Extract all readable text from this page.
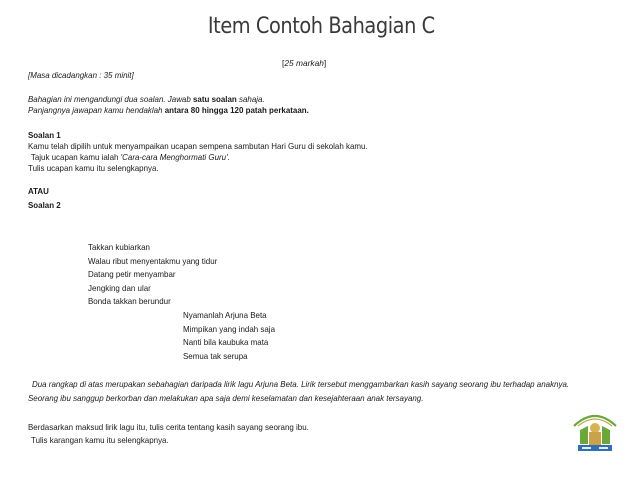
Item Contoh Bahagian C
[25 markah]

[Masa dicadangkan : 35 minit]

Bahagian ini mengandungi dua soalan. Jawab satu soalan sahaja.

Panjangnya jawapan kamu hendaklah antara 80 hingga 120 patah perkataan.

Soalan 1

Kamu telah dipilih untuk menyampaikan ucapan sempena sambutan Hari Guru di sekolah kamu.

Tajuk ucapan kamu ialah 'Cara-cara Menghormati Guru'.

Tulis ucapan kamu itu selengkapnya.

ATAU

Soalan 2

Takkan kubiarkan
Walau ribut menyentakmu yang tidur
Datang petir menyambar
Jengking dan ular
Bonda takkan berundur
Nyamanlah Arjuna Beta
Mimpikan yang indah saja
Nanti bila kaubuka mata
Semua tak serupa
Dua rangkap di atas merupakan sebahagian daripada lirik lagu Arjuna Beta. Lirik tersebut menggambarkan kasih sayang seorang ibu terhadap anaknya.
Seorang ibu sanggup berkorban dan melakukan apa saja demi keselamatan dan kesejahteraan anak tersayang.
Berdasarkan maksud lirik lagu itu, tulis cerita tentang kasih sayang seorang ibu.
Tulis karangan kamu itu selengkapnya.
